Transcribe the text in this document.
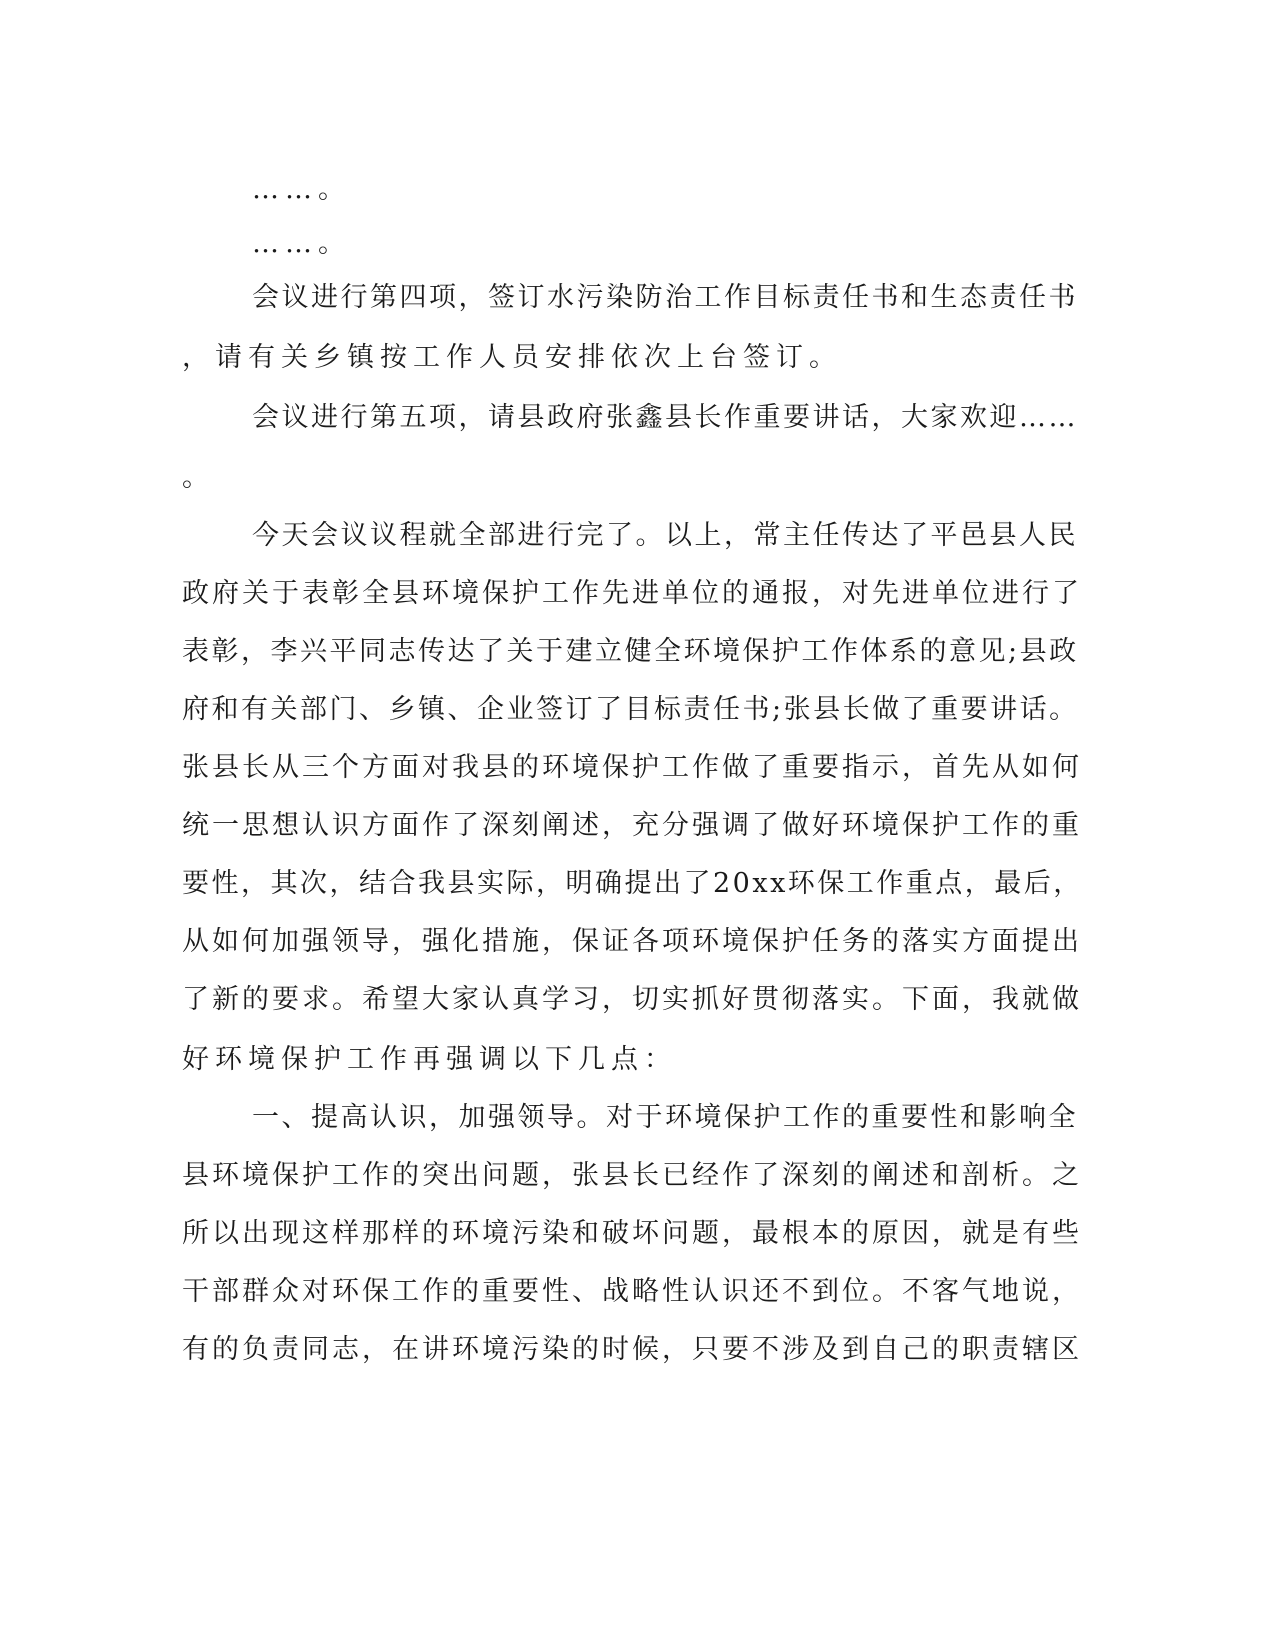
……。
……。
会议进行第四项，签订水污染防治工作目标责任书和生态责任书
，请有关乡镇按工作人员安排依次上台签订。
会议进行第五项，请县政府张鑫县长作重要讲话，大家欢迎……
。
今天会议议程就全部进行完了。以上，常主任传达了平邑县人民
政府关于表彰全县环境保护工作先进单位的通报，对先进单位进行了
表彰，李兴平同志传达了关于建立健全环境保护工作体系的意见;县政
府和有关部门、乡镇、企业签订了目标责任书;张县长做了重要讲话。
张县长从三个方面对我县的环境保护工作做了重要指示，首先从如何
统一思想认识方面作了深刻阐述，充分强调了做好环境保护工作的重
要性，其次，结合我县实际，明确提出了20xx环保工作重点，最后，
从如何加强领导，强化措施，保证各项环境保护任务的落实方面提出
了新的要求。希望大家认真学习，切实抓好贯彻落实。下面，我就做
好环境保护工作再强调以下几点：
一、提高认识，加强领导。对于环境保护工作的重要性和影响全
县环境保护工作的突出问题，张县长已经作了深刻的阐述和剖析。之
所以出现这样那样的环境污染和破坏问题，最根本的原因，就是有些
干部群众对环保工作的重要性、战略性认识还不到位。不客气地说，
有的负责同志，在讲环境污染的时候，只要不涉及到自己的职责辖区
